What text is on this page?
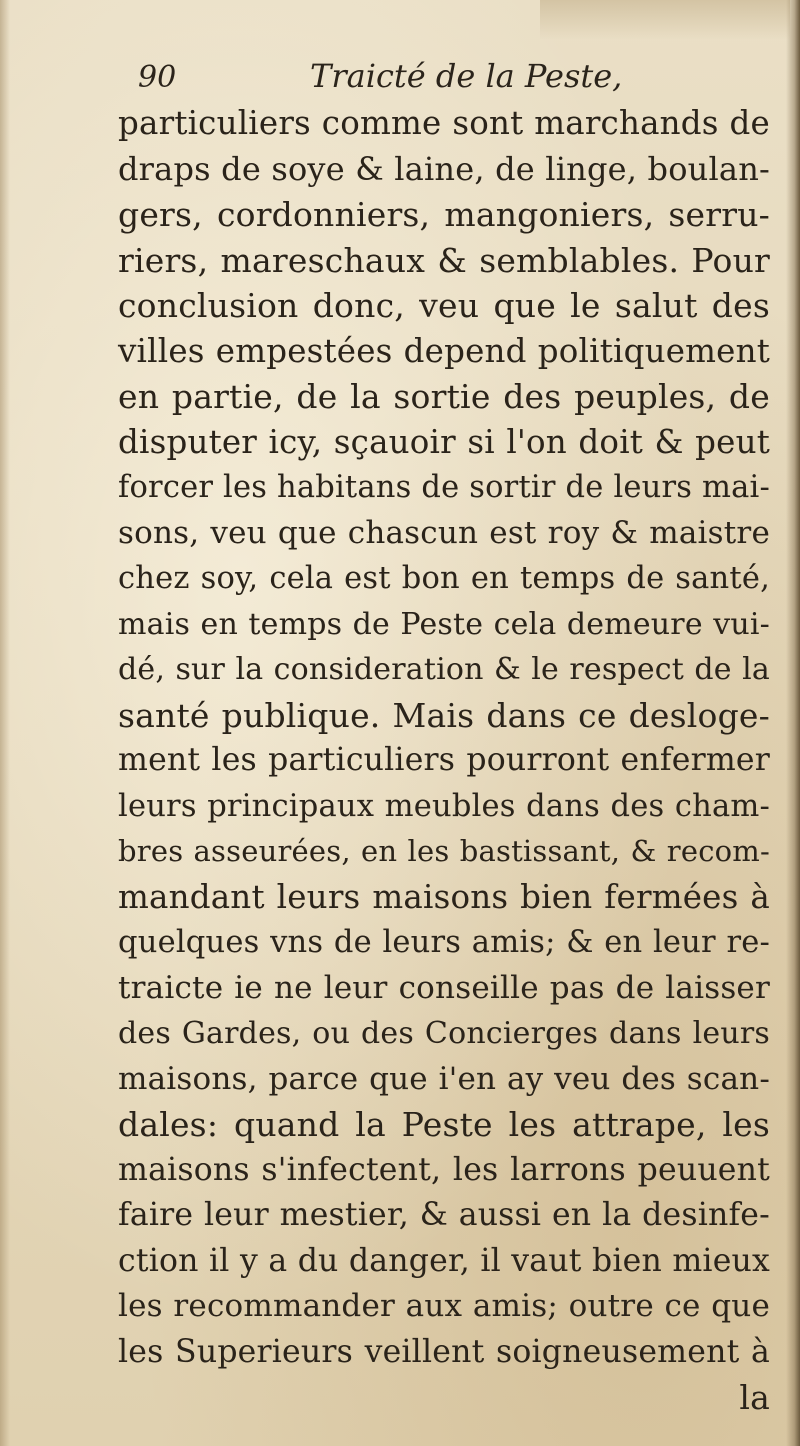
90	Traicté de la Peste,
particuliers comme sont marchands de
draps de soye & laine, de linge, boulan-
gers, cordonniers, mangoniers, serru-
riers, mareschaux & semblables. Pour
conclusion donc, veu que le salut des
villes empestées depend politiquement
en partie, de la sortie des peuples, de
disputer icy, sçauoir si l'on doit & peut
forcer les habitans de sortir de leurs mai-
sons, veu que chascun est roy & maistre
chez soy, cela est bon en temps de santé,
mais en temps de Peste cela demeure vui-
dé, sur la consideration & le respect de la
santé publique. Mais dans ce desloge-
ment les particuliers pourront enfermer
leurs principaux meubles dans des cham-
bres asseurées, en les bastissant, & recom-
mandant leurs maisons bien fermées à
quelques vns de leurs amis; & en leur re-
traicte ie ne leur conseille pas de laisser
des Gardes, ou des Concierges dans leurs
maisons, parce que i'en ay veu des scan-
dales: quand la Peste les attrape, les
maisons s'infectent, les larrons peuuent
faire leur mestier, & aussi en la desinfe-
ction il y a du danger, il vaut bien mieux
les recommander aux amis; outre ce que
les Superieurs veillent soigneusement à
la
